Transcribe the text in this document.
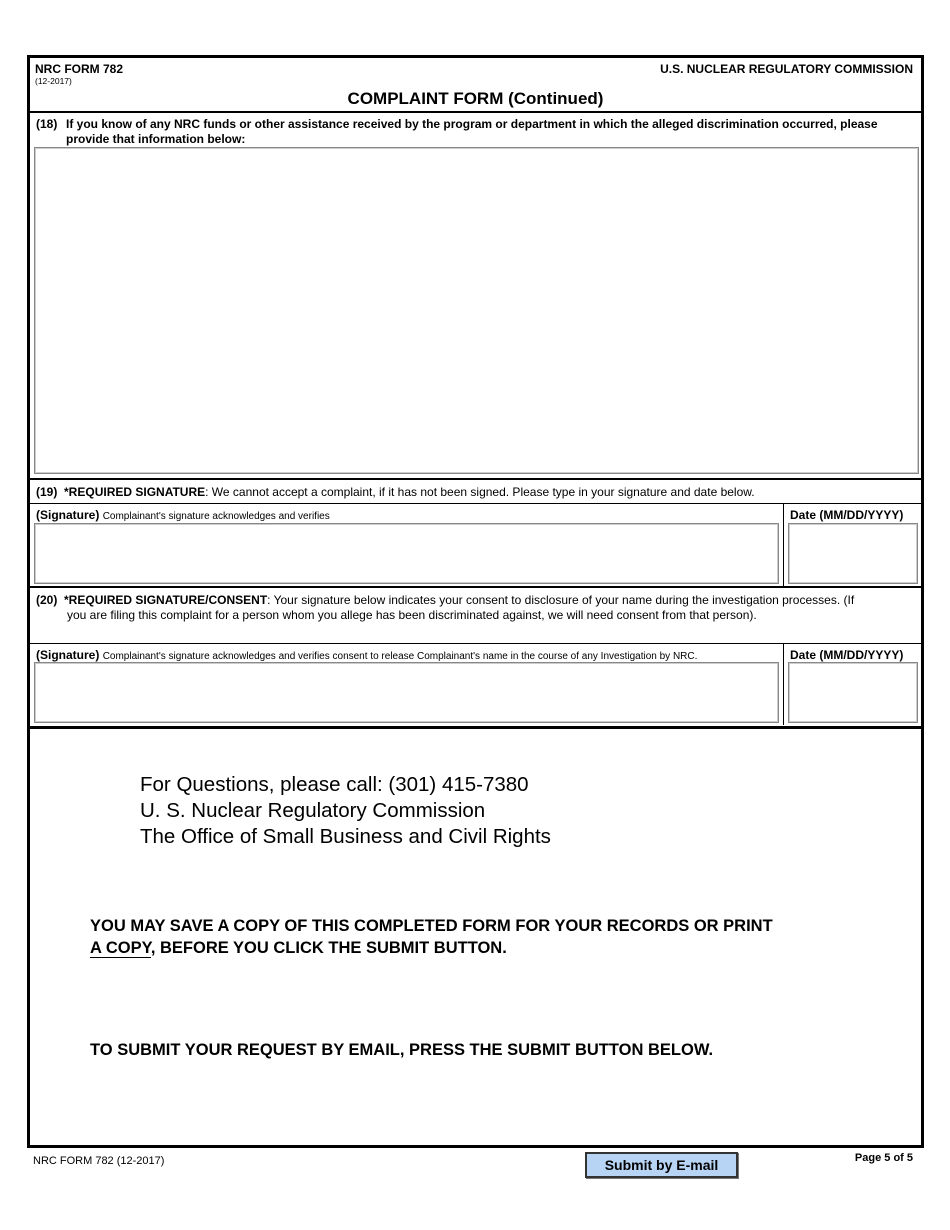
NRC FORM 782
(12-2017)
U.S. NUCLEAR REGULATORY COMMISSION
COMPLAINT FORM (Continued)
(18) If you know of any NRC funds or other assistance received by the program or department in which the alleged discrimination occurred, please
provide that information below:
(19) *REQUIRED SIGNATURE: We cannot accept a complaint, if it has not been signed. Please type in your signature and date below.
(Signature) Complainant's signature acknowledges and verifies	Date (MM/DD/YYYY)
(20) *REQUIRED SIGNATURE/CONSENT: Your signature below indicates your consent to disclosure of your name during the investigation processes. (If
you are filing this complaint for a person whom you allege has been discriminated against, we will need consent from that person).
(Signature) Complainant's signature acknowledges and verifies consent to release Complainant's name in the course of any Investigation by NRC.	Date (MM/DD/YYYY)
For Questions, please call: (301) 415-7380
U. S. Nuclear Regulatory Commission
The Office of Small Business and Civil Rights
YOU MAY SAVE A COPY OF THIS COMPLETED FORM FOR YOUR RECORDS OR PRINT
A COPY, BEFORE YOU CLICK THE SUBMIT BUTTON.
TO SUBMIT YOUR REQUEST BY EMAIL, PRESS THE SUBMIT BUTTON BELOW.
NRC FORM 782 (12-2017)	Submit by E-mail	Page 5 of 5
